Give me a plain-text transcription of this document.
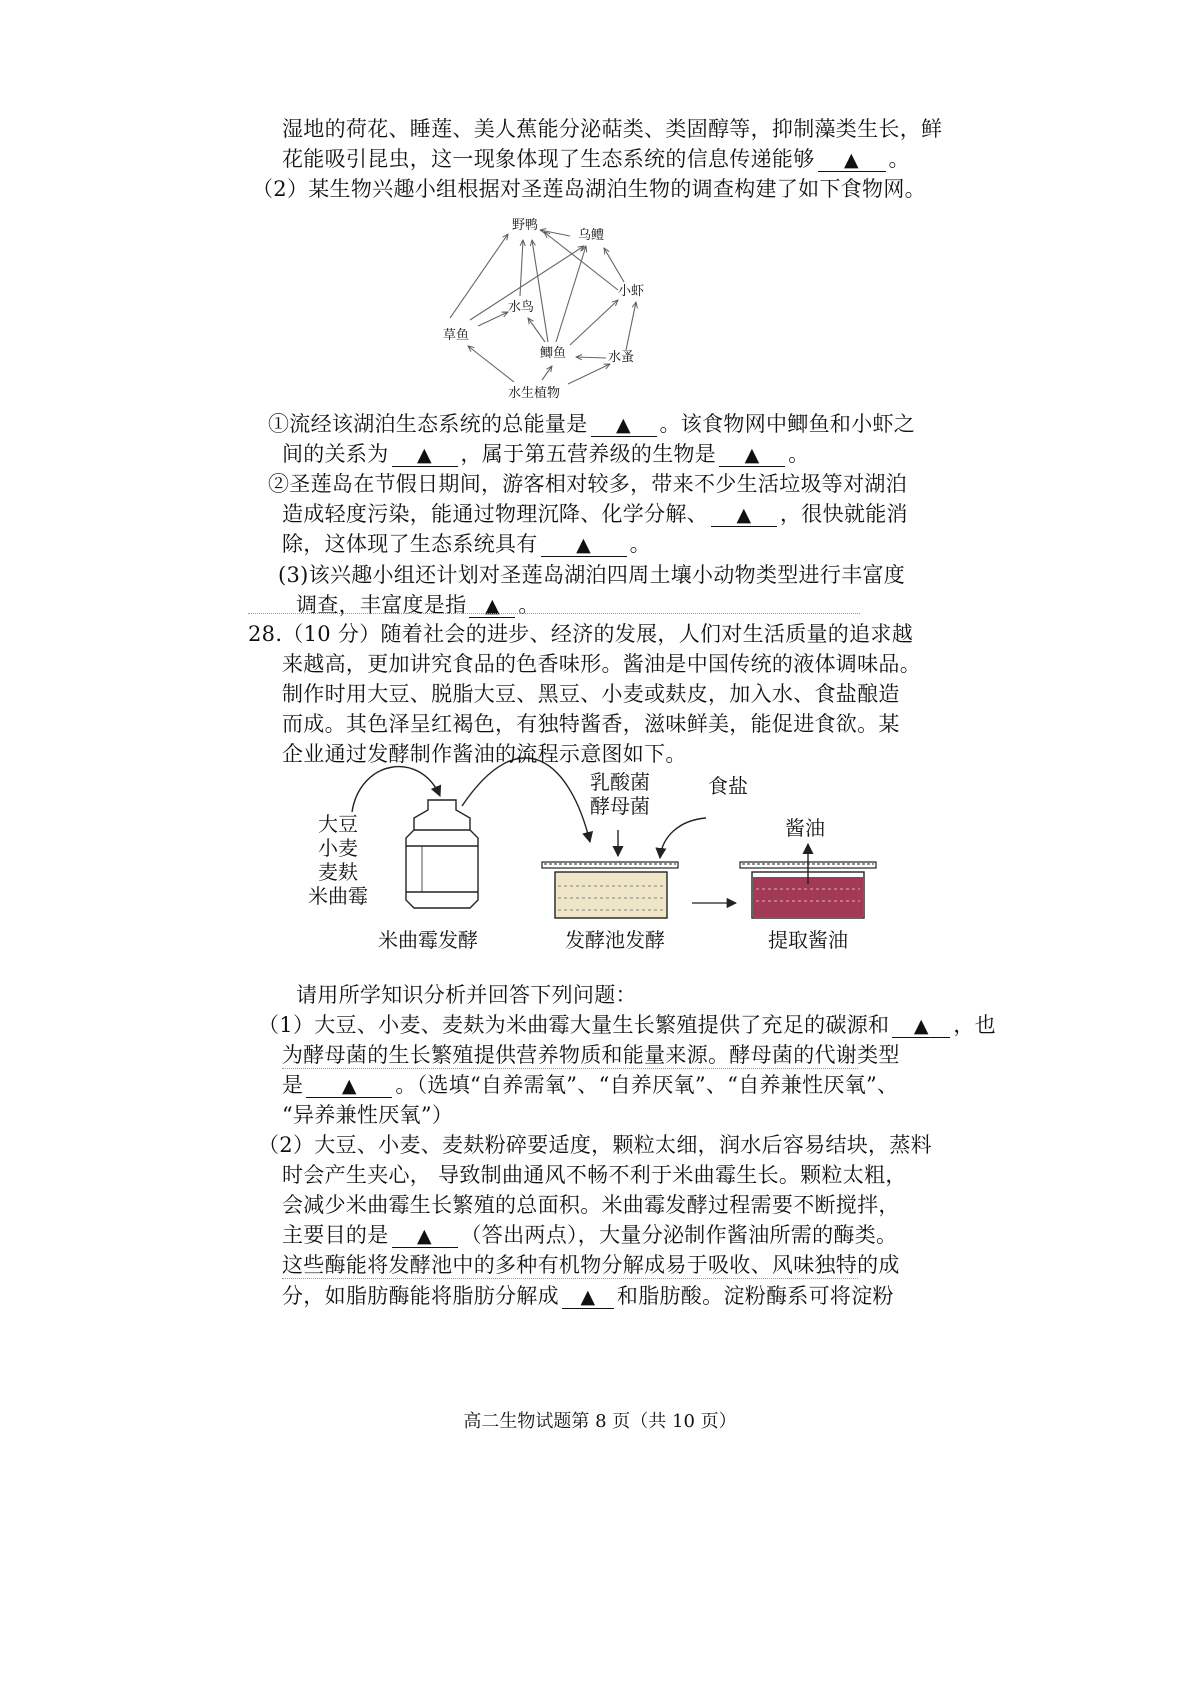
湿地的荷花、睡莲、美人蕉能分泌萜类、类固醇等，抑制藻类生长，鲜
花能吸引昆虫，这一现象体现了生态系统的信息传递能够 ▲ 。
（2）某生物兴趣小组根据对圣莲岛湖泊生物的调查构建了如下食物网。
野鸭
乌鳢
小虾
水鸟
草鱼
鲫鱼	水蚤
水生植物
①流经该湖泊生态系统的总能量是 ▲ 。该食物网中鲫鱼和小虾之
间的关系为 ▲ ，属于第五营养级的生物是 ▲ 。
②圣莲岛在节假日期间，游客相对较多，带来不少生活垃圾等对湖泊
造成轻度污染，能通过物理沉降、化学分解、 ▲ ，很快就能消
除，这体现了生态系统具有 ▲ 。
(3)该兴趣小组还计划对圣莲岛湖泊四周土壤小动物类型进行丰富度
调查，丰富度是指 ▲ 。
28.（10 分）随着社会的进步、经济的发展，人们对生活质量的追求越
来越高，更加讲究食品的色香味形。酱油是中国传统的液体调味品。
制作时用大豆、脱脂大豆、黑豆、小麦或麸皮，加入水、食盐酿造
而成。其色泽呈红褐色，有独特酱香，滋味鲜美，能促进食欲。某
企业通过发酵制作酱油的流程示意图如下。
大豆
小麦
麦麸
米曲霉
乳酸菌
酵母菌
食盐
酱油
米曲霉发酵	发酵池发酵	提取酱油
请用所学知识分析并回答下列问题：
（1）大豆、小麦、麦麸为米曲霉大量生长繁殖提供了充足的碳源和 ▲ ，也
为酵母菌的生长繁殖提供营养物质和能量来源。酵母菌的代谢类型
是 ▲ 。（选填“自养需氧”、“自养厌氧”、“自养兼性厌氧”、
“异养兼性厌氧”）
（2）大豆、小麦、麦麸粉碎要适度，颗粒太细，润水后容易结块，蒸料
时会产生夹心， 导致制曲通风不畅不利于米曲霉生长。颗粒太粗，
会减少米曲霉生长繁殖的总面积。米曲霉发酵过程需要不断搅拌，
主要目的是 ▲ （答出两点），大量分泌制作酱油所需的酶类。
这些酶能将发酵池中的多种有机物分解成易于吸收、风味独特的成
分，如脂肪酶能将脂肪分解成 ▲ 和脂肪酸。淀粉酶系可将淀粉
高二生物试题第 8 页（共 10 页）
